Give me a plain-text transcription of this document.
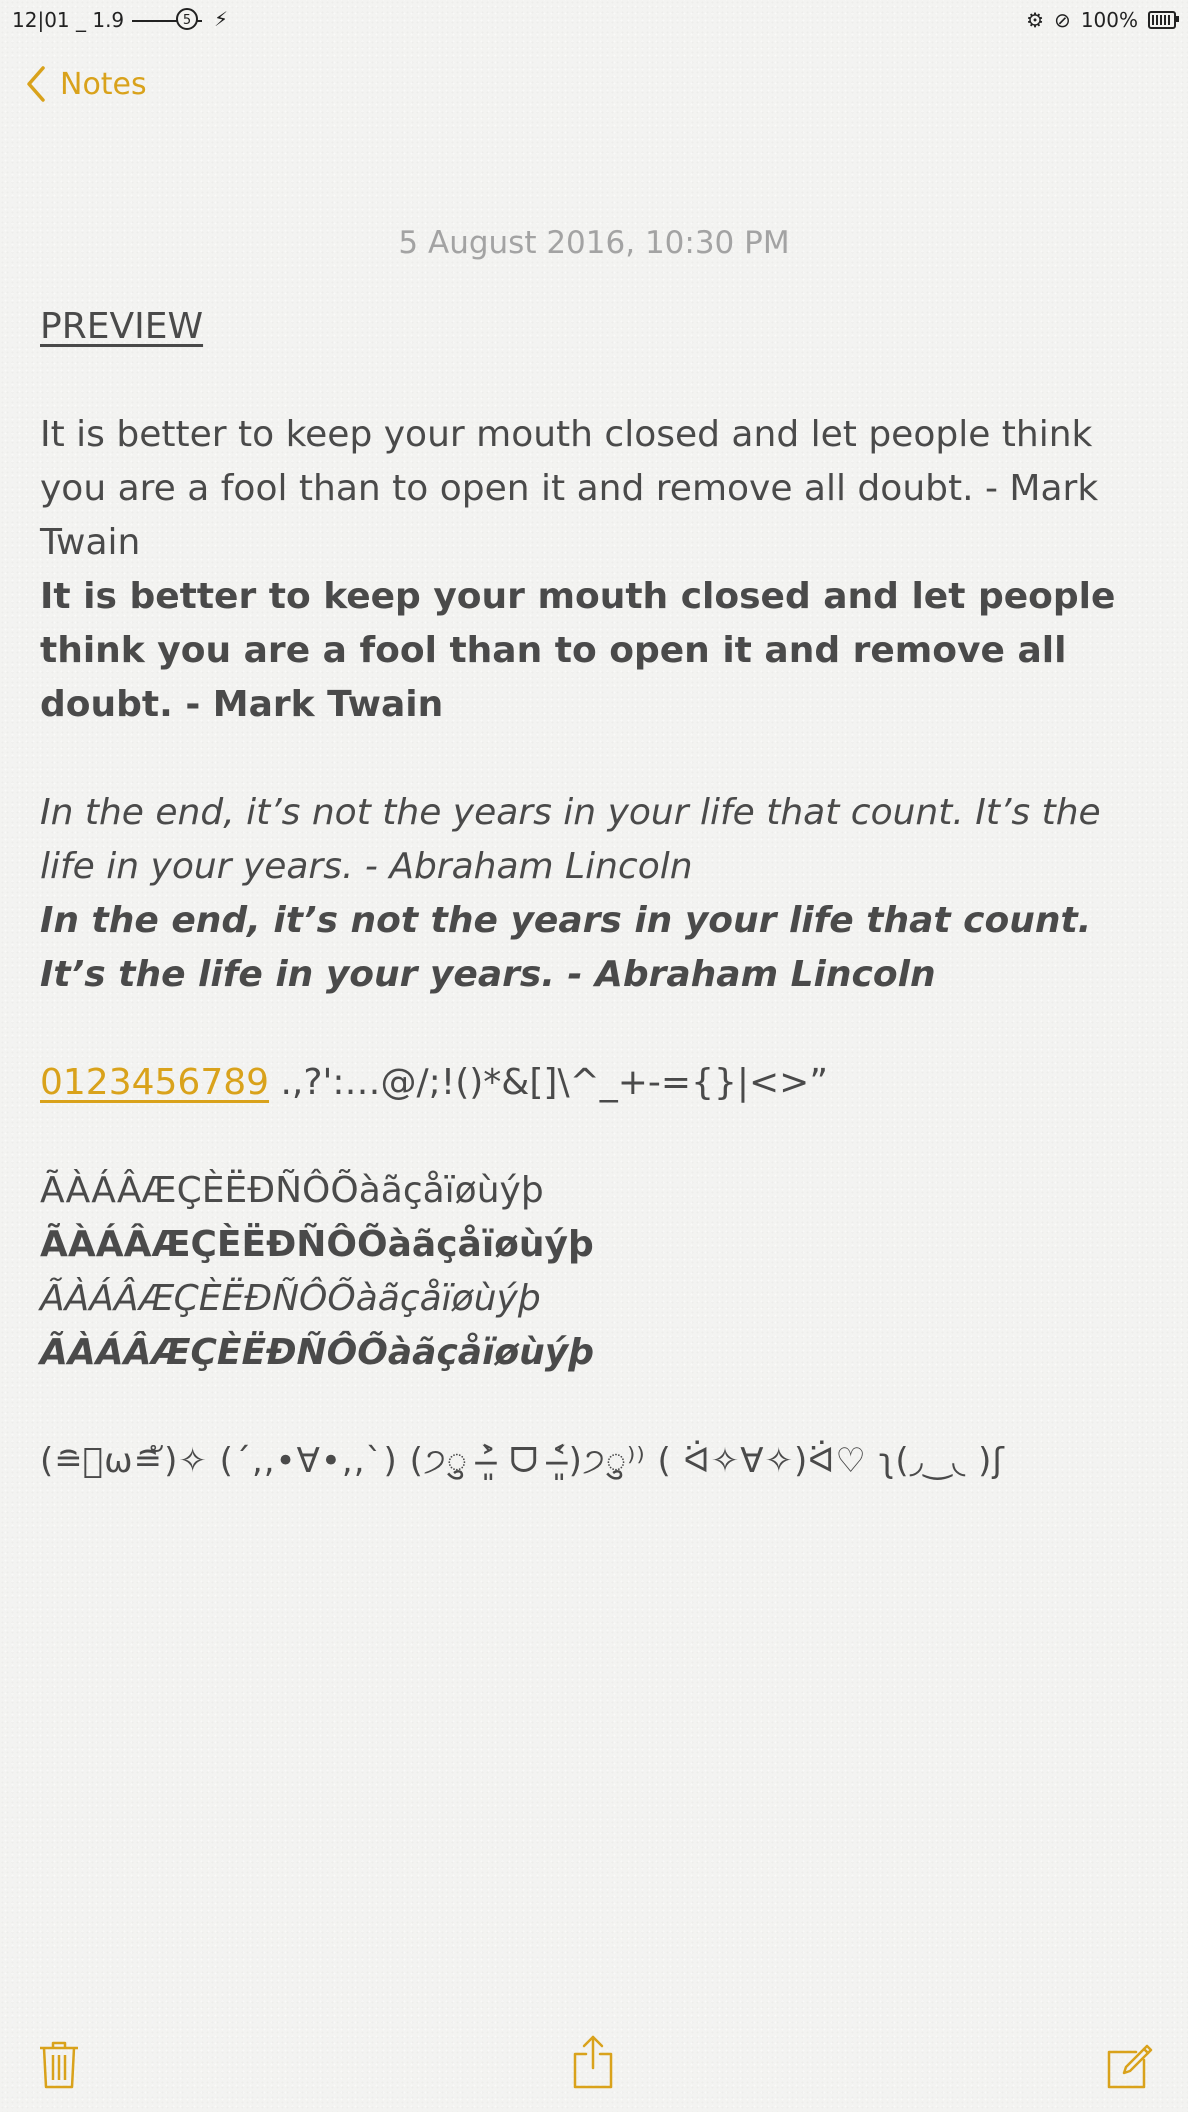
12|01 _ 1.9	5	⚡	⚙ ⊘ 100%
Notes
5 August 2016, 10:30 PM

PREVIEW

It is better to keep your mouth closed and let people think you are a fool than to open it and remove all doubt. - Mark Twain

It is better to keep your mouth closed and let people think you are a fool than to open it and remove all doubt. - Mark Twain

In the end, it’s not the years in your life that count. It’s the life in your years. - Abraham Lincoln

In the end, it’s not the years in your life that count. It’s the life in your years. - Abraham Lincoln

0123456789 .,?':…@/;!()*&[]\^_+-={}|<>”

ÃÀÁÂÆÇÈËĐÑÔÕàãçåïøùýþ

ÃÀÁÂÆÇÈËĐÑÔÕàãçåïøùýþ

ÃÀÁÂÆÇÈËĐÑÔÕàãçåïøùýþ

ÃÀÁÂÆÇÈËĐÑÔÕàãçåïøùýþ

(≘ัω≘ั)✧ (´,,•∀•,,`) (੭ु ˃̶͈̀ ᗜ ˂̶͈́)੭ु⁾⁾ ( ᐛ✧∀✧)ᐛ♡ ʅ(◞‿◟ )ʃ
